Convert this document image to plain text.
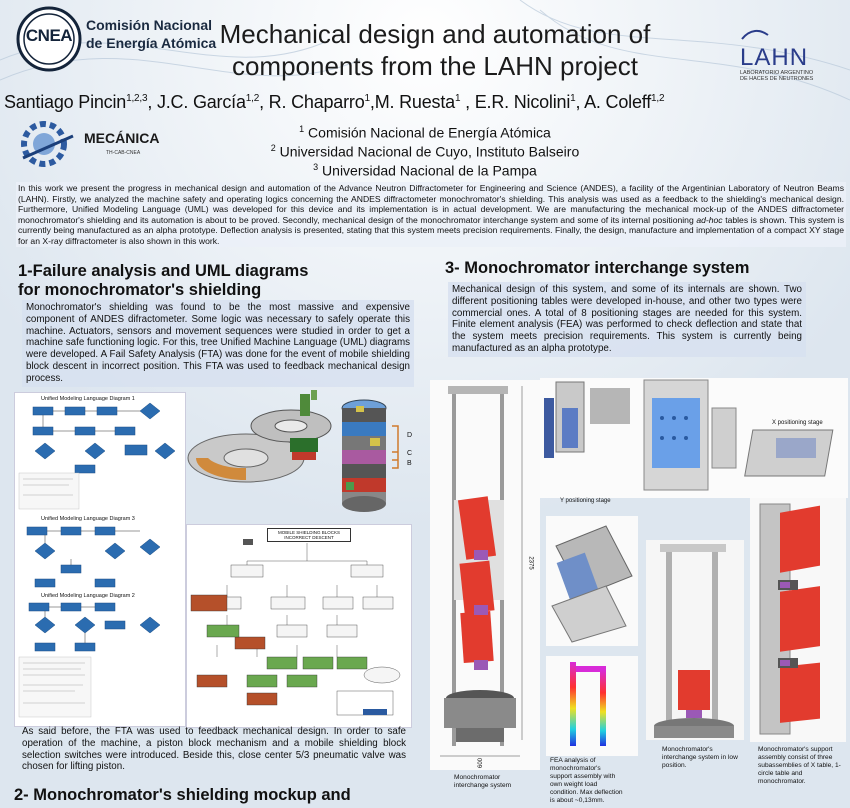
CNEA
Comisión Nacional
de Energía Atómica Mechanical design and automation of
components from the LAHN project	LAHN
LABORATORIO ARGENTINO
DE HACES DE NEUTRONES
Santiago Pincin$^{1,2,3}$, J.C. García$^{1,2}$, R. Chaparro$^1$,M. Ruesta$^1$ , E.R. Nicolini$^1$, A. Coleff$^{1,2}$
MECÁNICA
TH-CAB-CNEA
$^1$ Comisión Nacional de Energía Atómica
$^2$ Universidad Nacional de Cuyo, Instituto Balseiro
$^3$ Universidad Nacional de la Pampa
In this work we present the progress in mechanical design and automation of the Advance Neutron Diffractometer for Engineering and Science (ANDES), a facility of the Argentinian Laboratory of Neutron Beams (LAHN). Firstly, we analyzed the machine safety and operating logics concerning the ANDES diffractometer monochromator's shielding. This analysis was used as a feedback to the shielding's mechanical design. Furthermore, Unified Modeling Language (UML) was developed for this device and its implementation is in actual development. We are manufacturing the mechanical mock-up of the ANDES diffractometer monochromator's shielding and its automation is about to be proved. Secondly, mechanical design of the monochromator interchange system and some of its internal positioning ad-hoc tables is shown. This system is currently being manufactured as an alpha prototype. Deflection analysis is presented, stating that this system meets precision requirements. Finally, the design, manufacture and implementation of a compact XY stage for an X-ray diffractometer is also shown in this work.
1-Failure analysis and UML diagrams
for monochromator's shielding
Monochromator's shielding was found to be the most massive and expensive component of ANDES difractometer. Some logic was necessary to safely operate this machine. Actuators, sensors and movement sequences were studied in order to get a machine safe functioning logic. For this, tree Unified Machine Language (UML) diagrams were developed. A Fail Safety Analysis (FTA) was done for the event of mobile shielding block descent in incorrect position. This FTA was used to feedback mechanical design process.
Unified Modeling Language Diagram 1
Unified Modeling Language Diagram 3
Unified Modeling Language Diagram 2
D
C
B
MOBILE SHIELDING BLOCKS INCORRECT DESCENT
As said before, the FTA was used to feedback mechanical design. In order to safe operation of the machine, a piston block mechanism and a mobile shielding block selection switches were introduced. Beside this, close center 5/3 pneumatic valve was chosen for lifting piston.
2- Monochromator's shielding mockup and
3- Monochromator interchange system
Mechanical design of this system, and some of its internals are shown. Two different positioning tables were developed in-house, and other two types were commercial ones. A total of 8 positioning stages are needed for this system. Finite element analysis (FEA) was performed to check deflection and state that the system meets precision requirements. This system is currently being manufactured as an alpha prototype.
2375
600
Monochromator interchange system
X positioning stage
Y positioning stage
FEA analysis of monochromator's support assembly with own weight load condition. Max deflection is about ~0,13mm.
Monochromator's interchange system in low position.
Monochromator's support assembly consist of three subassemblies of X table, 1-circle table and monochromator.
